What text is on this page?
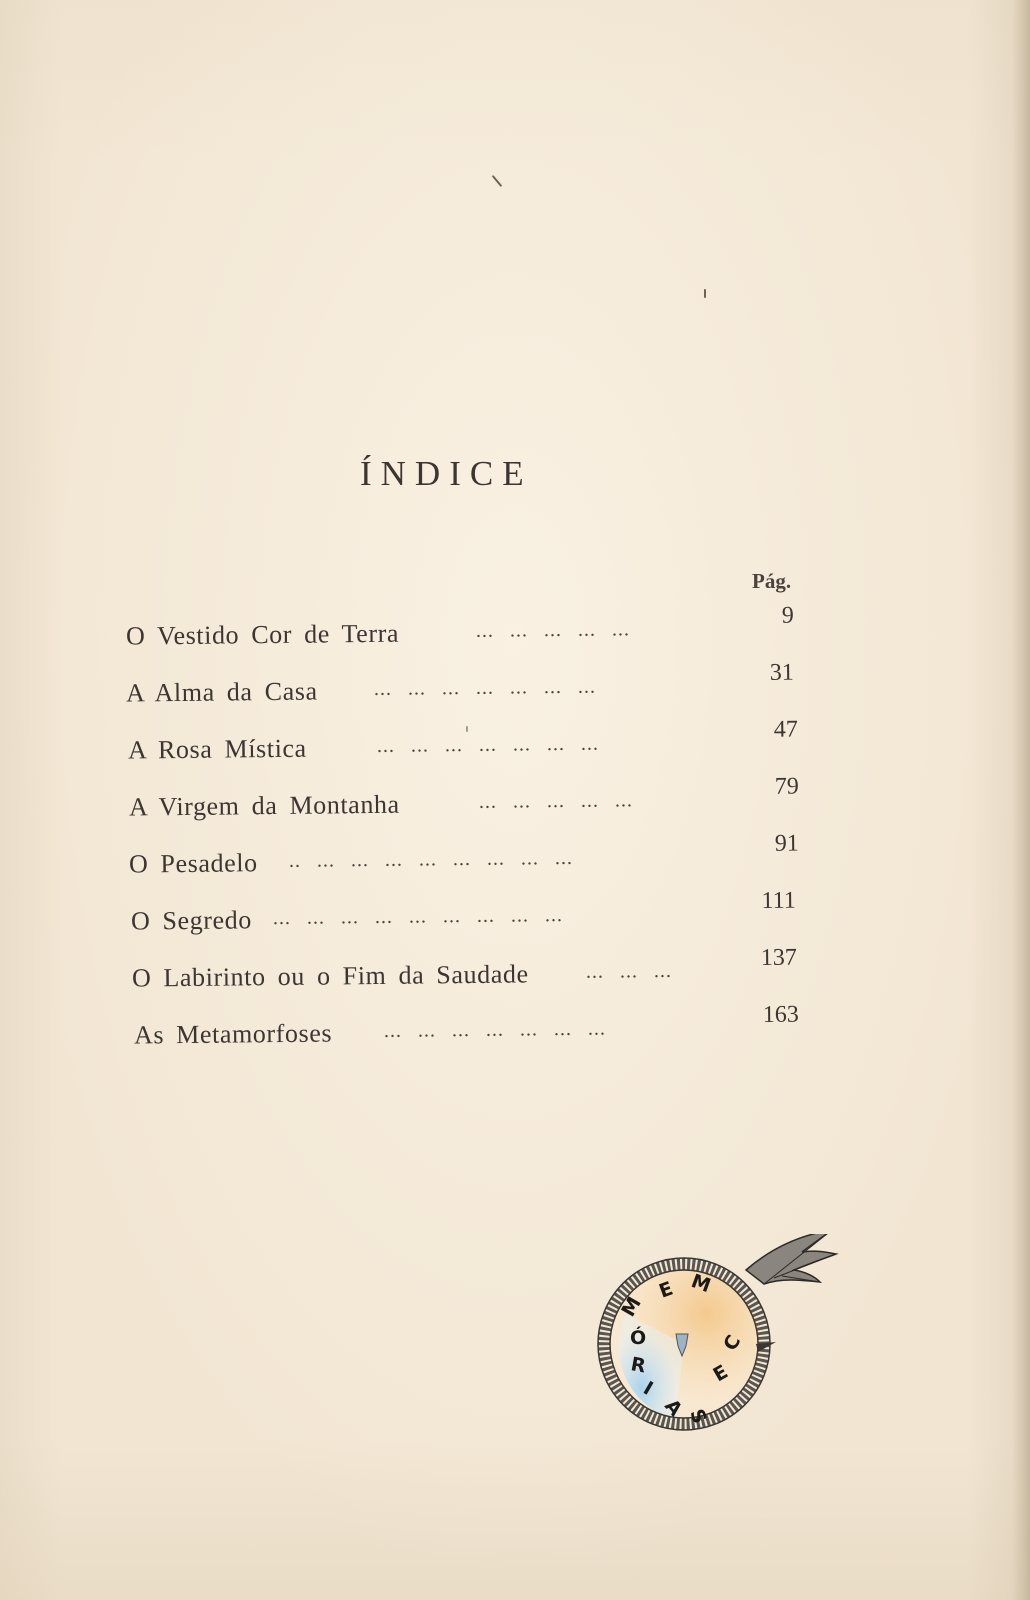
ÍNDICE
Pág.
O Vestido Cor de Terra	... ... ... ... ...
9
A Alma da Casa	... ... ... ... ... ... ...
31
A Rosa Mística	... ... ... ... ... ... ...
47
A Virgem da Montanha	... ... ... ... ...
79
O Pesadelo .. ... ... ... ... ... ... ... ...
91
O Segredo ... ... ... ... ... ... ... ... ...
111
O Labirinto ou o Fim da Saudade	... ... ...
137
As Metamorfoses	... ... ... ... ... ... ...
163
M
E
M
Ó
R
I
A
S
E
C
